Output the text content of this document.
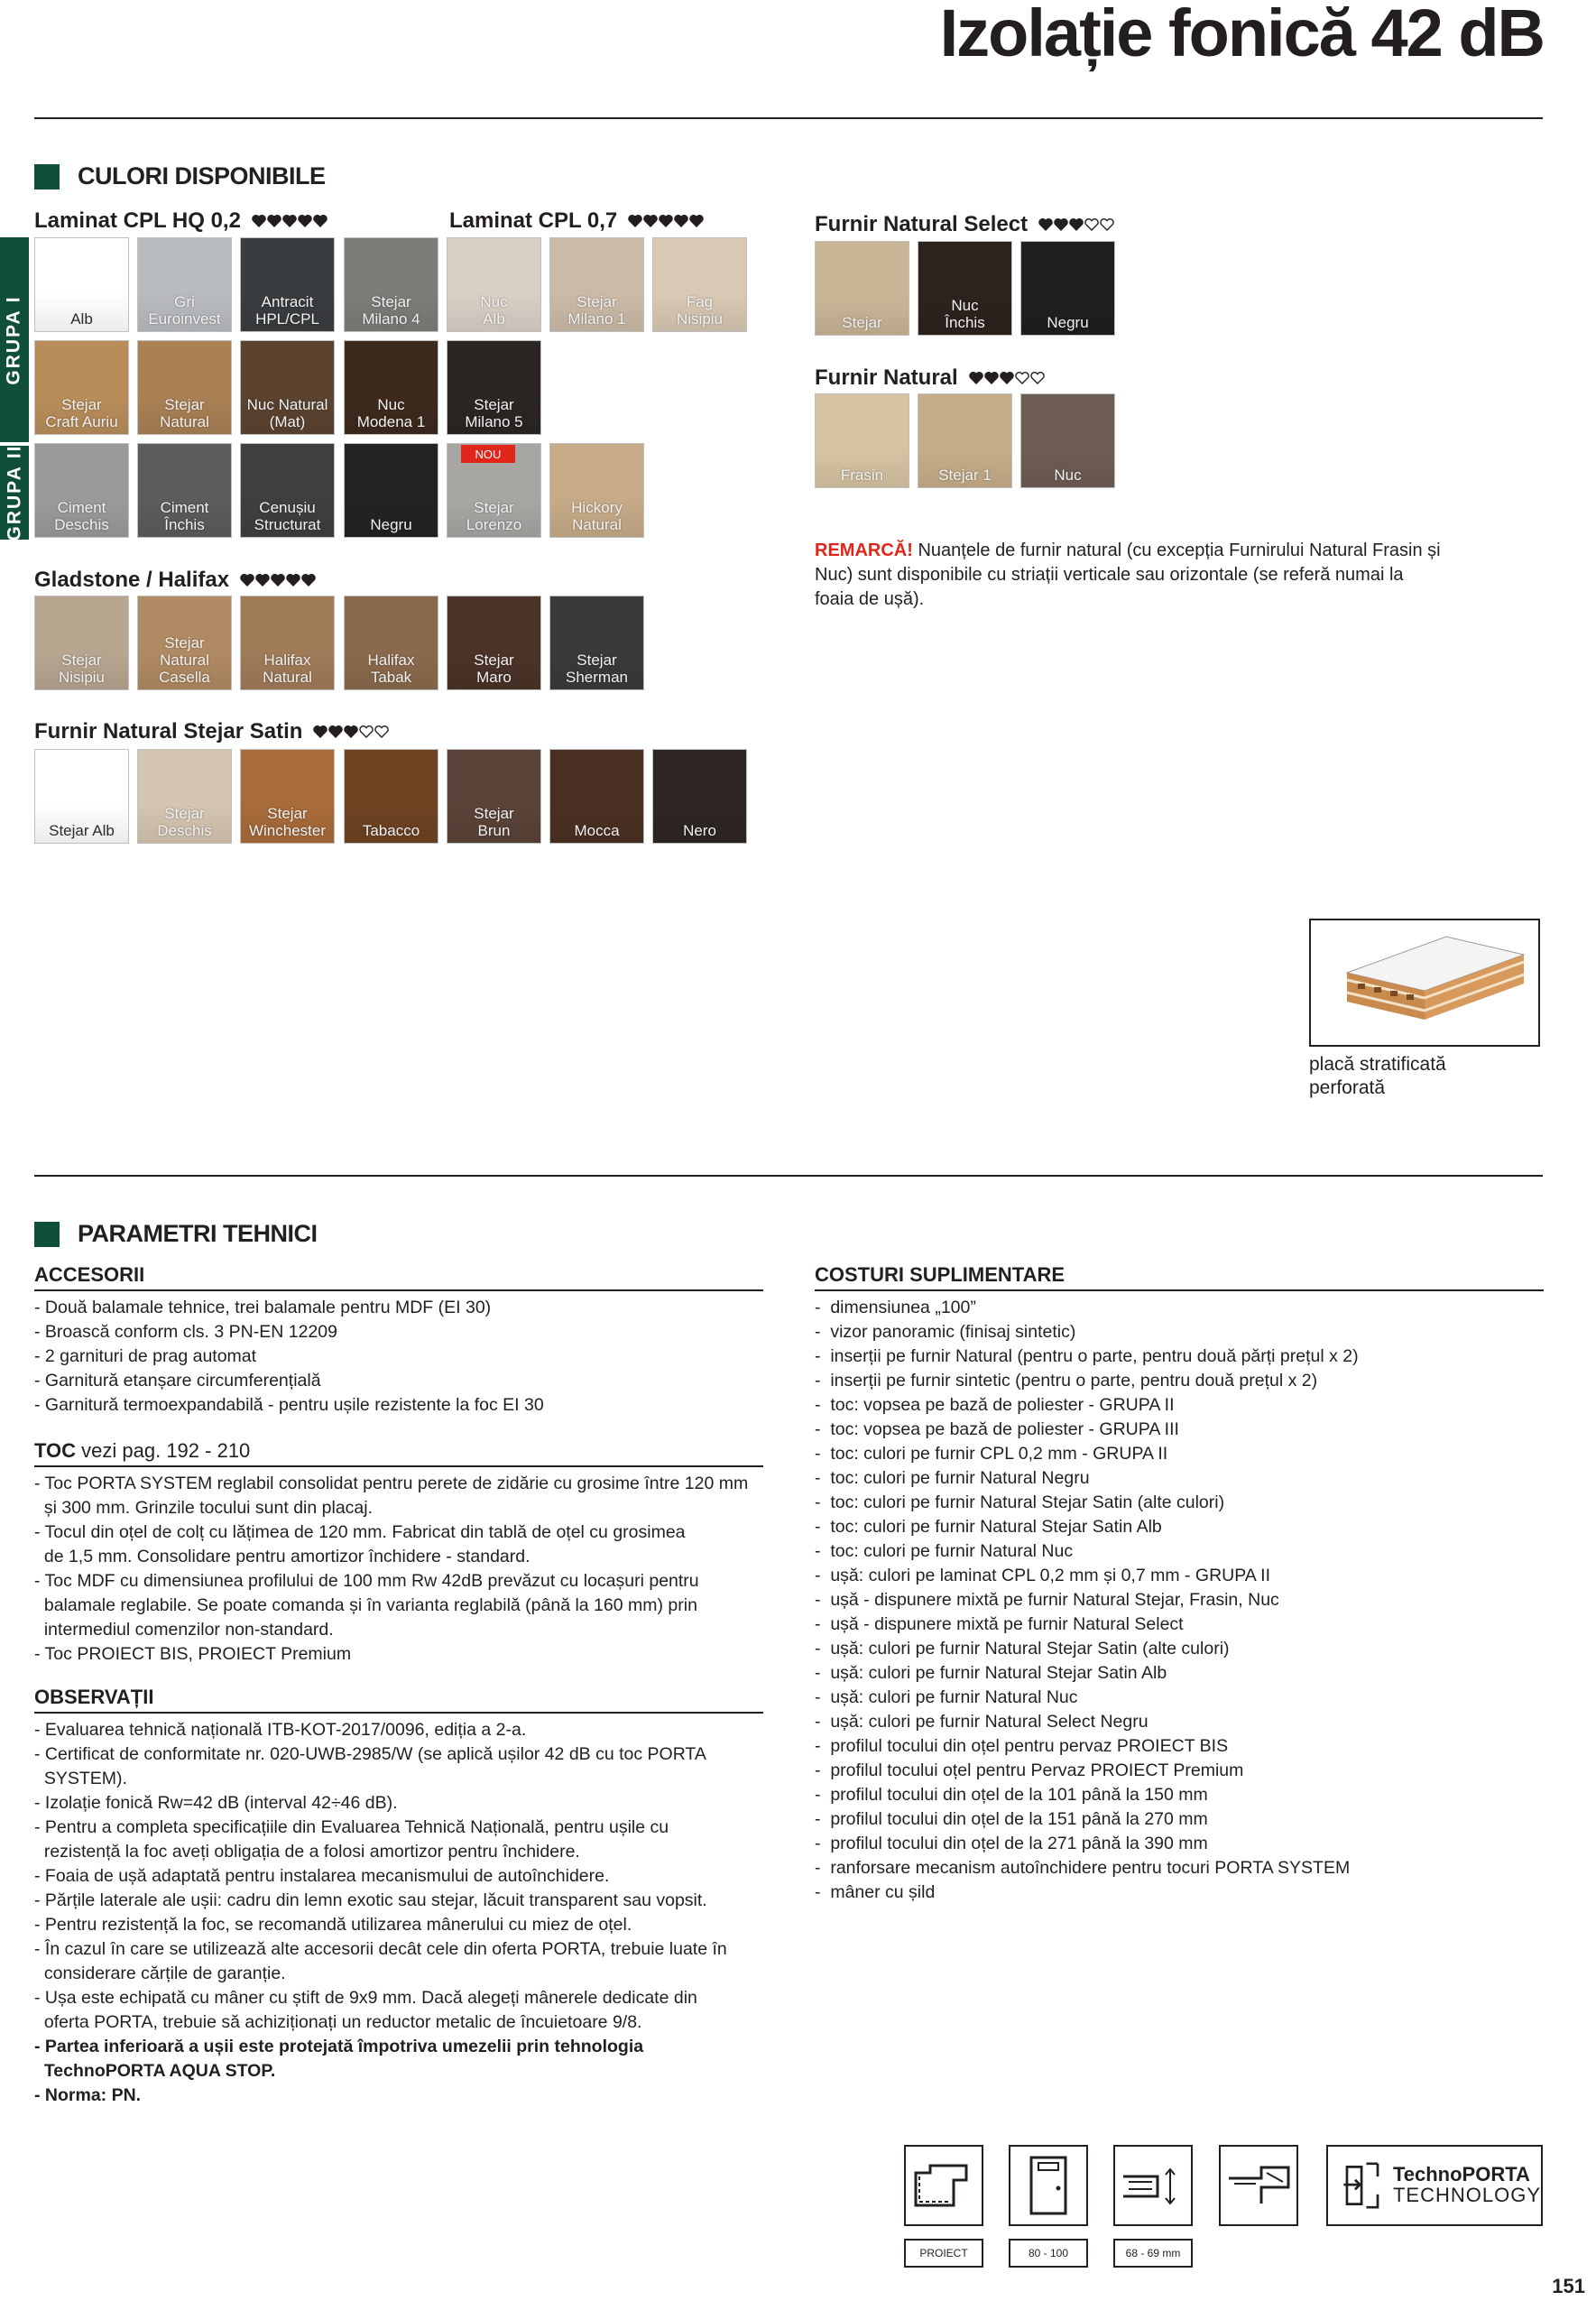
Izolație fonică 42 dB
CULORI DISPONIBILE
Laminat CPL HQ 0,2	Laminat CPL 0,7	Furnir Natural Select
Furnir Natural
Gladstone / Halifax
Furnir Natural Stejar Satin
GRUPA I
GRUPA II
Alb
Gri
Euroinvest
Antracit
HPL/CPL
Stejar
Milano 4
Nuc
Alb
Stejar
Milano 1
Fag
Nisipiu
Stejar
Craft Auriu
Stejar
Natural
Nuc Natural
(Mat)
Nuc
Modena 1
Stejar
Milano 5
Ciment
Deschis
Ciment
Închis
Cenușiu
Structurat	Negru
Stejar
Lorenzo
Hickory
Natural
Stejar
Nisipiu
Stejar Natural
Casella
Halifax
Natural
Halifax
Tabak
Stejar
Maro
Stejar
Sherman
Stejar Alb
Stejar Deschis
Stejar
Winchester Tabacco
Stejar
Brun	Mocca	Nero
Stejar
Nuc
Închis	Negru
Frasin	Stejar 1	Nuc
NOU
REMARCĂ! Nuanțele de furnir natural (cu excepția Furnirului Natural Frasin și Nuc) sunt disponibile cu striații verticale sau orizontale (se referă numai la foaia de ușă).
placă stratificată perforată
PARAMETRI TEHNICI
ACCESORII
- Două balamale tehnice, trei balamale pentru MDF (EI 30)
- Broască conform cls. 3 PN-EN 12209
- 2 garnituri de prag automat
- Garnitură etanșare circumferențială
- Garnitură termoexpandabilă - pentru ușile rezistente la foc EI 30
TOC vezi pag. 192 - 210
- Toc PORTA SYSTEM reglabil consolidat pentru perete de zidărie cu grosime între 120 mm
și 300 mm. Grinzile tocului sunt din placaj.
- Tocul din oțel de colț cu lățimea de 120 mm. Fabricat din tablă de oțel cu grosimea
de 1,5 mm. Consolidare pentru amortizor închidere - standard.
- Toc MDF cu dimensiunea profilului de 100 mm Rw 42dB prevăzut cu locașuri pentru
balamale reglabile. Se poate comanda și în varianta reglabilă (până la 160 mm) prin
intermediul comenzilor non-standard.
- Toc PROIECT BIS, PROIECT Premium
OBSERVAȚII
- Evaluarea tehnică națională ITB-KOT-2017/0096, ediția a 2-a.
- Certificat de conformitate nr. 020-UWB-2985/W (se aplică ușilor 42 dB cu toc PORTA
SYSTEM).
- Izolație fonică Rw=42 dB (interval 42÷46 dB).
- Pentru a completa specificațiile din Evaluarea Tehnică Națională, pentru ușile cu
rezistență la foc aveți obligația de a folosi amortizor pentru închidere.
- Foaia de ușă adaptată pentru instalarea mecanismului de autoînchidere.
- Părțile laterale ale ușii: cadru din lemn exotic sau stejar, lăcuit transparent sau vopsit.
- Pentru rezistență la foc, se recomandă utilizarea mânerului cu miez de oțel.
- În cazul în care se utilizează alte accesorii decât cele din oferta PORTA, trebuie luate în
considerare cărțile de garanție.
- Ușa este echipată cu mâner cu știft de 9x9 mm. Dacă alegeți mânerele dedicate din
oferta PORTA, trebuie să achiziționați un reductor metalic de încuietoare 9/8.
- Partea inferioară a ușii este protejată împotriva umezelii prin tehnologia
TechnoPORTA AQUA STOP.
- Norma: PN.
COSTURI SUPLIMENTARE
-  dimensiunea „100”
-  vizor panoramic (finisaj sintetic)
-  inserții pe furnir Natural (pentru o parte, pentru două părți prețul x 2)
-  inserții pe furnir sintetic (pentru o parte, pentru două prețul x 2)
-  toc: vopsea pe bază de poliester - GRUPA II
-  toc: vopsea pe bază de poliester - GRUPA III
-  toc: culori pe furnir CPL 0,2 mm - GRUPA II
-  toc: culori pe furnir Natural Negru
-  toc: culori pe furnir Natural Stejar Satin (alte culori)
-  toc: culori pe furnir Natural Stejar Satin Alb
-  toc: culori pe furnir Natural Nuc
-  ușă: culori pe laminat CPL 0,2 mm și 0,7 mm - GRUPA II
-  ușă - dispunere mixtă pe furnir Natural Stejar, Frasin, Nuc
-  ușă - dispunere mixtă pe furnir Natural Select
-  ușă: culori pe furnir Natural Stejar Satin (alte culori)
-  ușă: culori pe furnir Natural Stejar Satin Alb
-  ușă: culori pe furnir Natural Nuc
-  ușă: culori pe furnir Natural Select Negru
-  profilul tocului din oțel pentru pervaz PROIECT BIS
-  profilul tocului oțel pentru Pervaz PROIECT Premium
-  profilul tocului din oțel de la 101 până la 150 mm
-  profilul tocului din oțel de la 151 până la 270 mm
-  profilul tocului din oțel de la 271 până la 390 mm
-  ranforsare mecanism autoînchidere pentru tocuri PORTA SYSTEM
-  mâner cu șild
TechnoPORTA
TECHNOLOGY
PROIECT	80 - 100	68 - 69 mm
151
